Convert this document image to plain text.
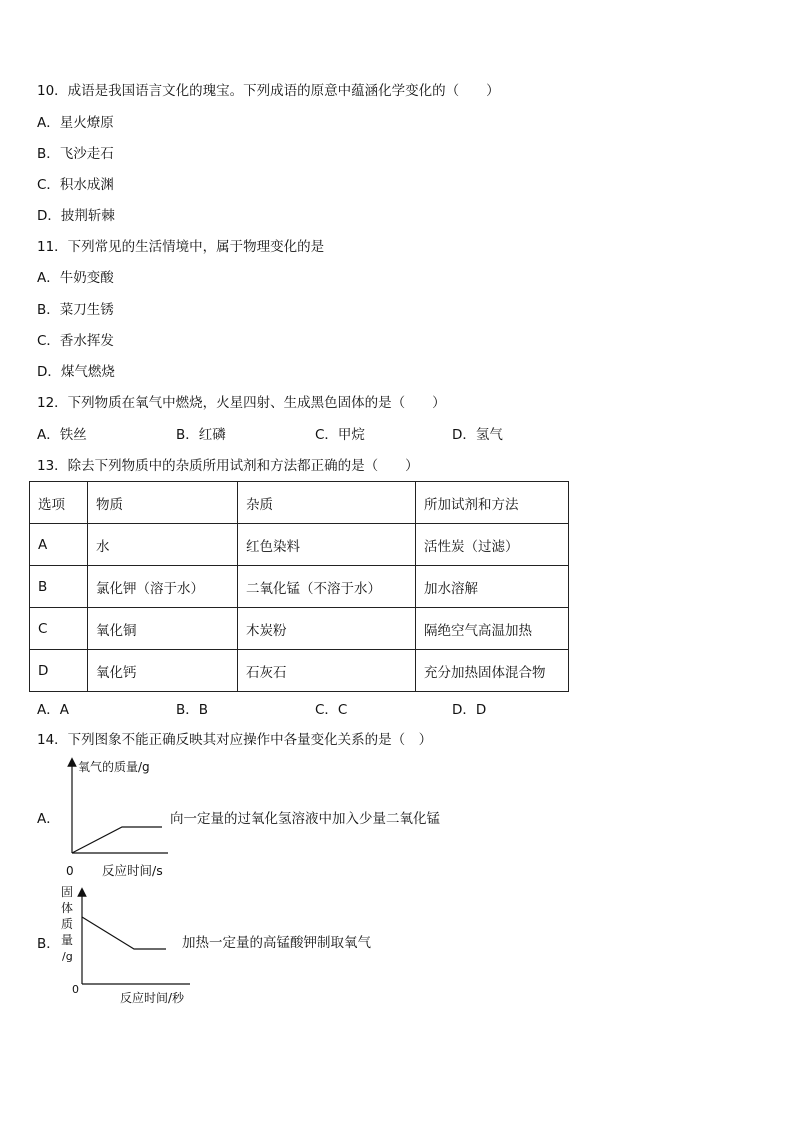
10．成语是我国语言文化的瑰宝。下列成语的原意中蕴涵化学变化的（　　）
A．星火燎原
B．飞沙走石
C．积水成渊
D．披荆斩棘
11．下列常见的生活情境中，属于物理变化的是
A．牛奶变酸
B．菜刀生锈
C．香水挥发
D．煤气燃烧
12．下列物质在氧气中燃烧，火星四射、生成黑色固体的是（　　）
A．铁丝	B．红磷	C．甲烷	D．氢气
13．除去下列物质中的杂质所用试剂和方法都正确的是（　　）
选项	物质	杂质	所加试剂和方法
A	水	红色染料	活性炭（过滤）
B	氯化钾（溶于水）	二氧化锰（不溶于水）	加水溶解
C	氧化铜	木炭粉	隔绝空气高温加热
D	氧化钙	石灰石	充分加热固体混合物
A．A	B．B	C．C	D．D
14．下列图象不能正确反映其对应操作中各量变化关系的是（　）
A．
氧气的质量/g
向一定量的过氧化氢溶液中加入少量二氧化锰
0 反应时间/s
B．
固
体
质
量
/g
加热一定量的高锰酸钾制取氧气
0
反应时间/秒
